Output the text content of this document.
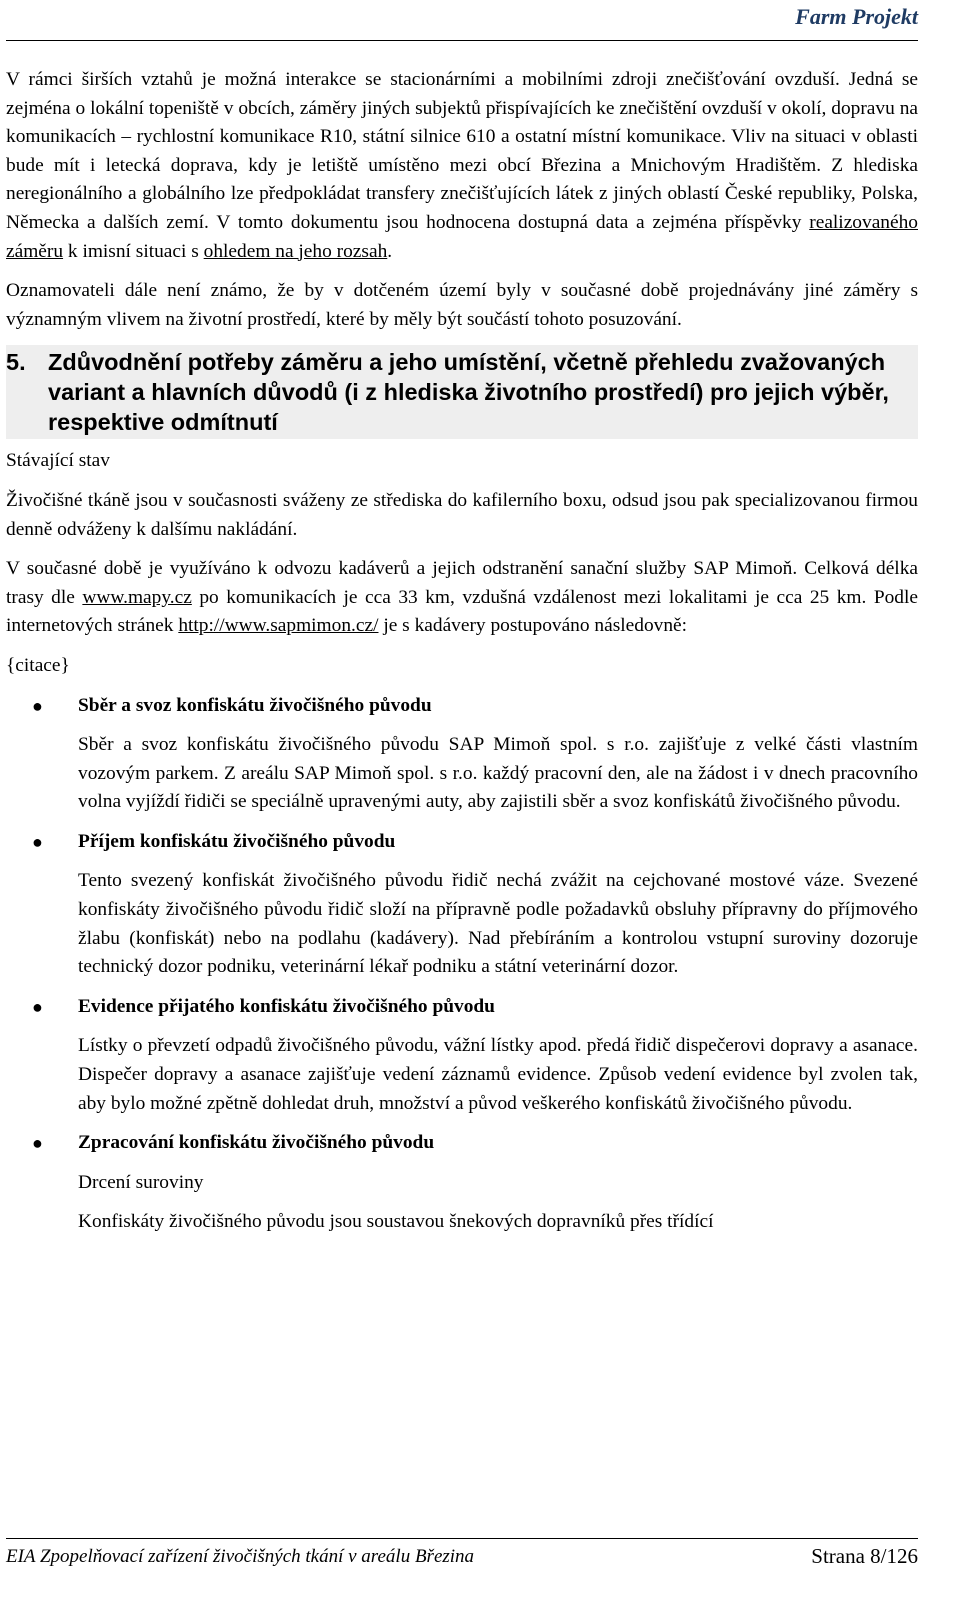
Farm Projekt

V rámci širších vztahů je možná interakce se stacionárními a mobilními zdroji znečišťování ovzduší. Jedná se zejména o lokální topeniště v obcích, záměry jiných subjektů přispívajících ke znečištění ovzduší v okolí, dopravu na komunikacích – rychlostní komunikace R10, státní silnice 610 a ostatní místní komunikace. Vliv na situaci v oblasti bude mít i letecká doprava, kdy je letiště umístěno mezi obcí Březina a Mnichovým Hradištěm. Z hlediska neregionálního a globálního lze předpokládat transfery znečišťujících látek z jiných oblastí České republiky, Polska, Německa a dalších zemí. V tomto dokumentu jsou hodnocena dostupná data a zejména příspěvky realizovaného záměru k imisní situaci s ohledem na jeho rozsah.

Oznamovateli dále není známo, že by v dotčeném území byly v současné době projednávány jiné záměry s významným vlivem na životní prostředí, které by měly být součástí tohoto posuzování.

5. Zdůvodnění potřeby záměru a jeho umístění, včetně přehledu zvažovaných variant a hlavních důvodů (i z hlediska životního prostředí) pro jejich výběr, respektive odmítnutí
Stávající stav

Živočišné tkáně jsou v současnosti sváženy ze střediska do kafilerního boxu, odsud jsou pak specializovanou firmou denně odváženy k dalšímu nakládání.

V současné době je využíváno k odvozu kadáverů a jejich odstranění sanační služby SAP Mimoň. Celková délka trasy dle www.mapy.cz po komunikacích je cca 33 km, vzdušná vzdálenost mezi lokalitami je cca 25 km. Podle internetových stránek http://www.sapmimon.cz/ je s kadávery postupováno následovně:

{citace}

● Sběr a svoz konfiskátu živočišného původu

Sběr a svoz konfiskátu živočišného původu SAP Mimoň spol. s r.o. zajišťuje z velké části vlastním vozovým parkem. Z areálu SAP Mimoň spol. s r.o. každý pracovní den, ale na žádost i v dnech pracovního volna vyjíždí řidiči se speciálně upravenými auty, aby zajistili sběr a svoz konfiskátů živočišného původu.

● Příjem konfiskátu živočišného původu

Tento svezený konfiskát živočišného původu řidič nechá zvážit na cejchované mostové váze. Svezené konfiskáty živočišného původu řidič složí na přípravně podle požadavků obsluhy přípravny do příjmového žlabu (konfiskát) nebo na podlahu (kadávery). Nad přebíráním a kontrolou vstupní suroviny dozoruje technický dozor podniku, veterinární lékař podniku a státní veterinární dozor.

● Evidence přijatého konfiskátu živočišného původu

Lístky o převzetí odpadů živočišného původu, vážní lístky apod. předá řidič dispečerovi dopravy a asanace. Dispečer dopravy a asanace zajišťuje vedení záznamů evidence. Způsob vedení evidence byl zvolen tak, aby bylo možné zpětně dohledat druh, množství a původ veškerého konfiskátů živočišného původu.

● Zpracování konfiskátu živočišného původu

Drcení suroviny

Konfiskáty živočišného původu jsou soustavou šnekových dopravníků přes třídící

EIA Zpopelňovací zařízení živočišných tkání v areálu Březina	Strana 8/126
